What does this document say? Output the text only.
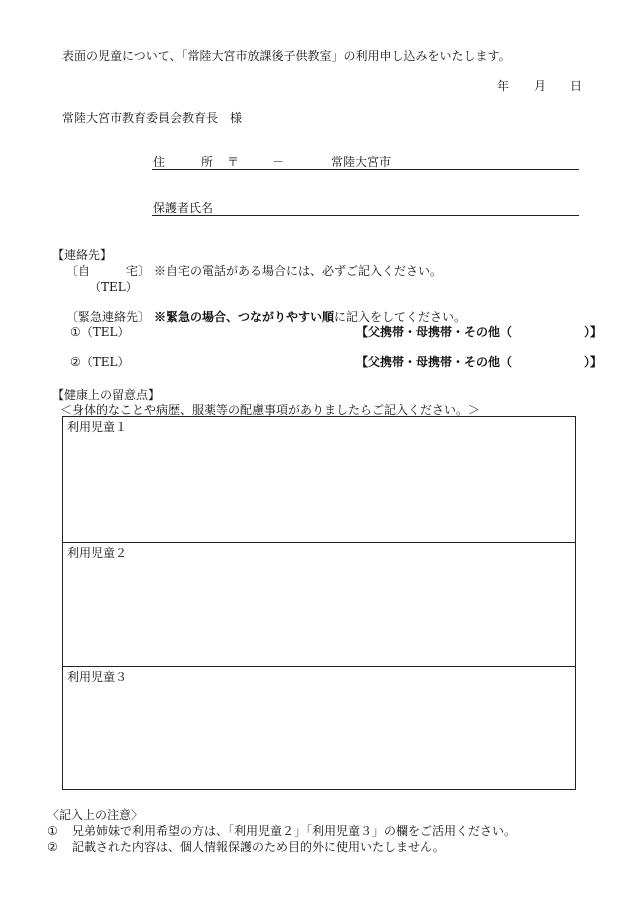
表面の児童について、「常陸大宮市放課後子供教室」の利用申し込みをいたします。
年 月 日
常陸大宮市教育委員会教育長　様
住　　　所 〒	－	常陸大宮市
保護者氏名
【連絡先】
〔自　　　宅〕 ※自宅の電話がある場合には、必ずご記入ください。
（TEL）
〔緊急連絡先〕 ※緊急の場合、つながりやすい順に記入をしてください。
①（TEL）	【父携帯・母携帯・その他（　　　　　　）】
②（TEL）	【父携帯・母携帯・その他（　　　　　　）】
【健康上の留意点】
＜身体的なことや病歴、服薬等の配慮事項がありましたらご記入ください。＞
利用児童１
利用児童２
利用児童３
〈記入上の注意〉
① 兄弟姉妹で利用希望の方は、「利用児童２」「利用児童３」の欄をご活用ください。
② 記載された内容は、個人情報保護のため目的外に使用いたしません。
